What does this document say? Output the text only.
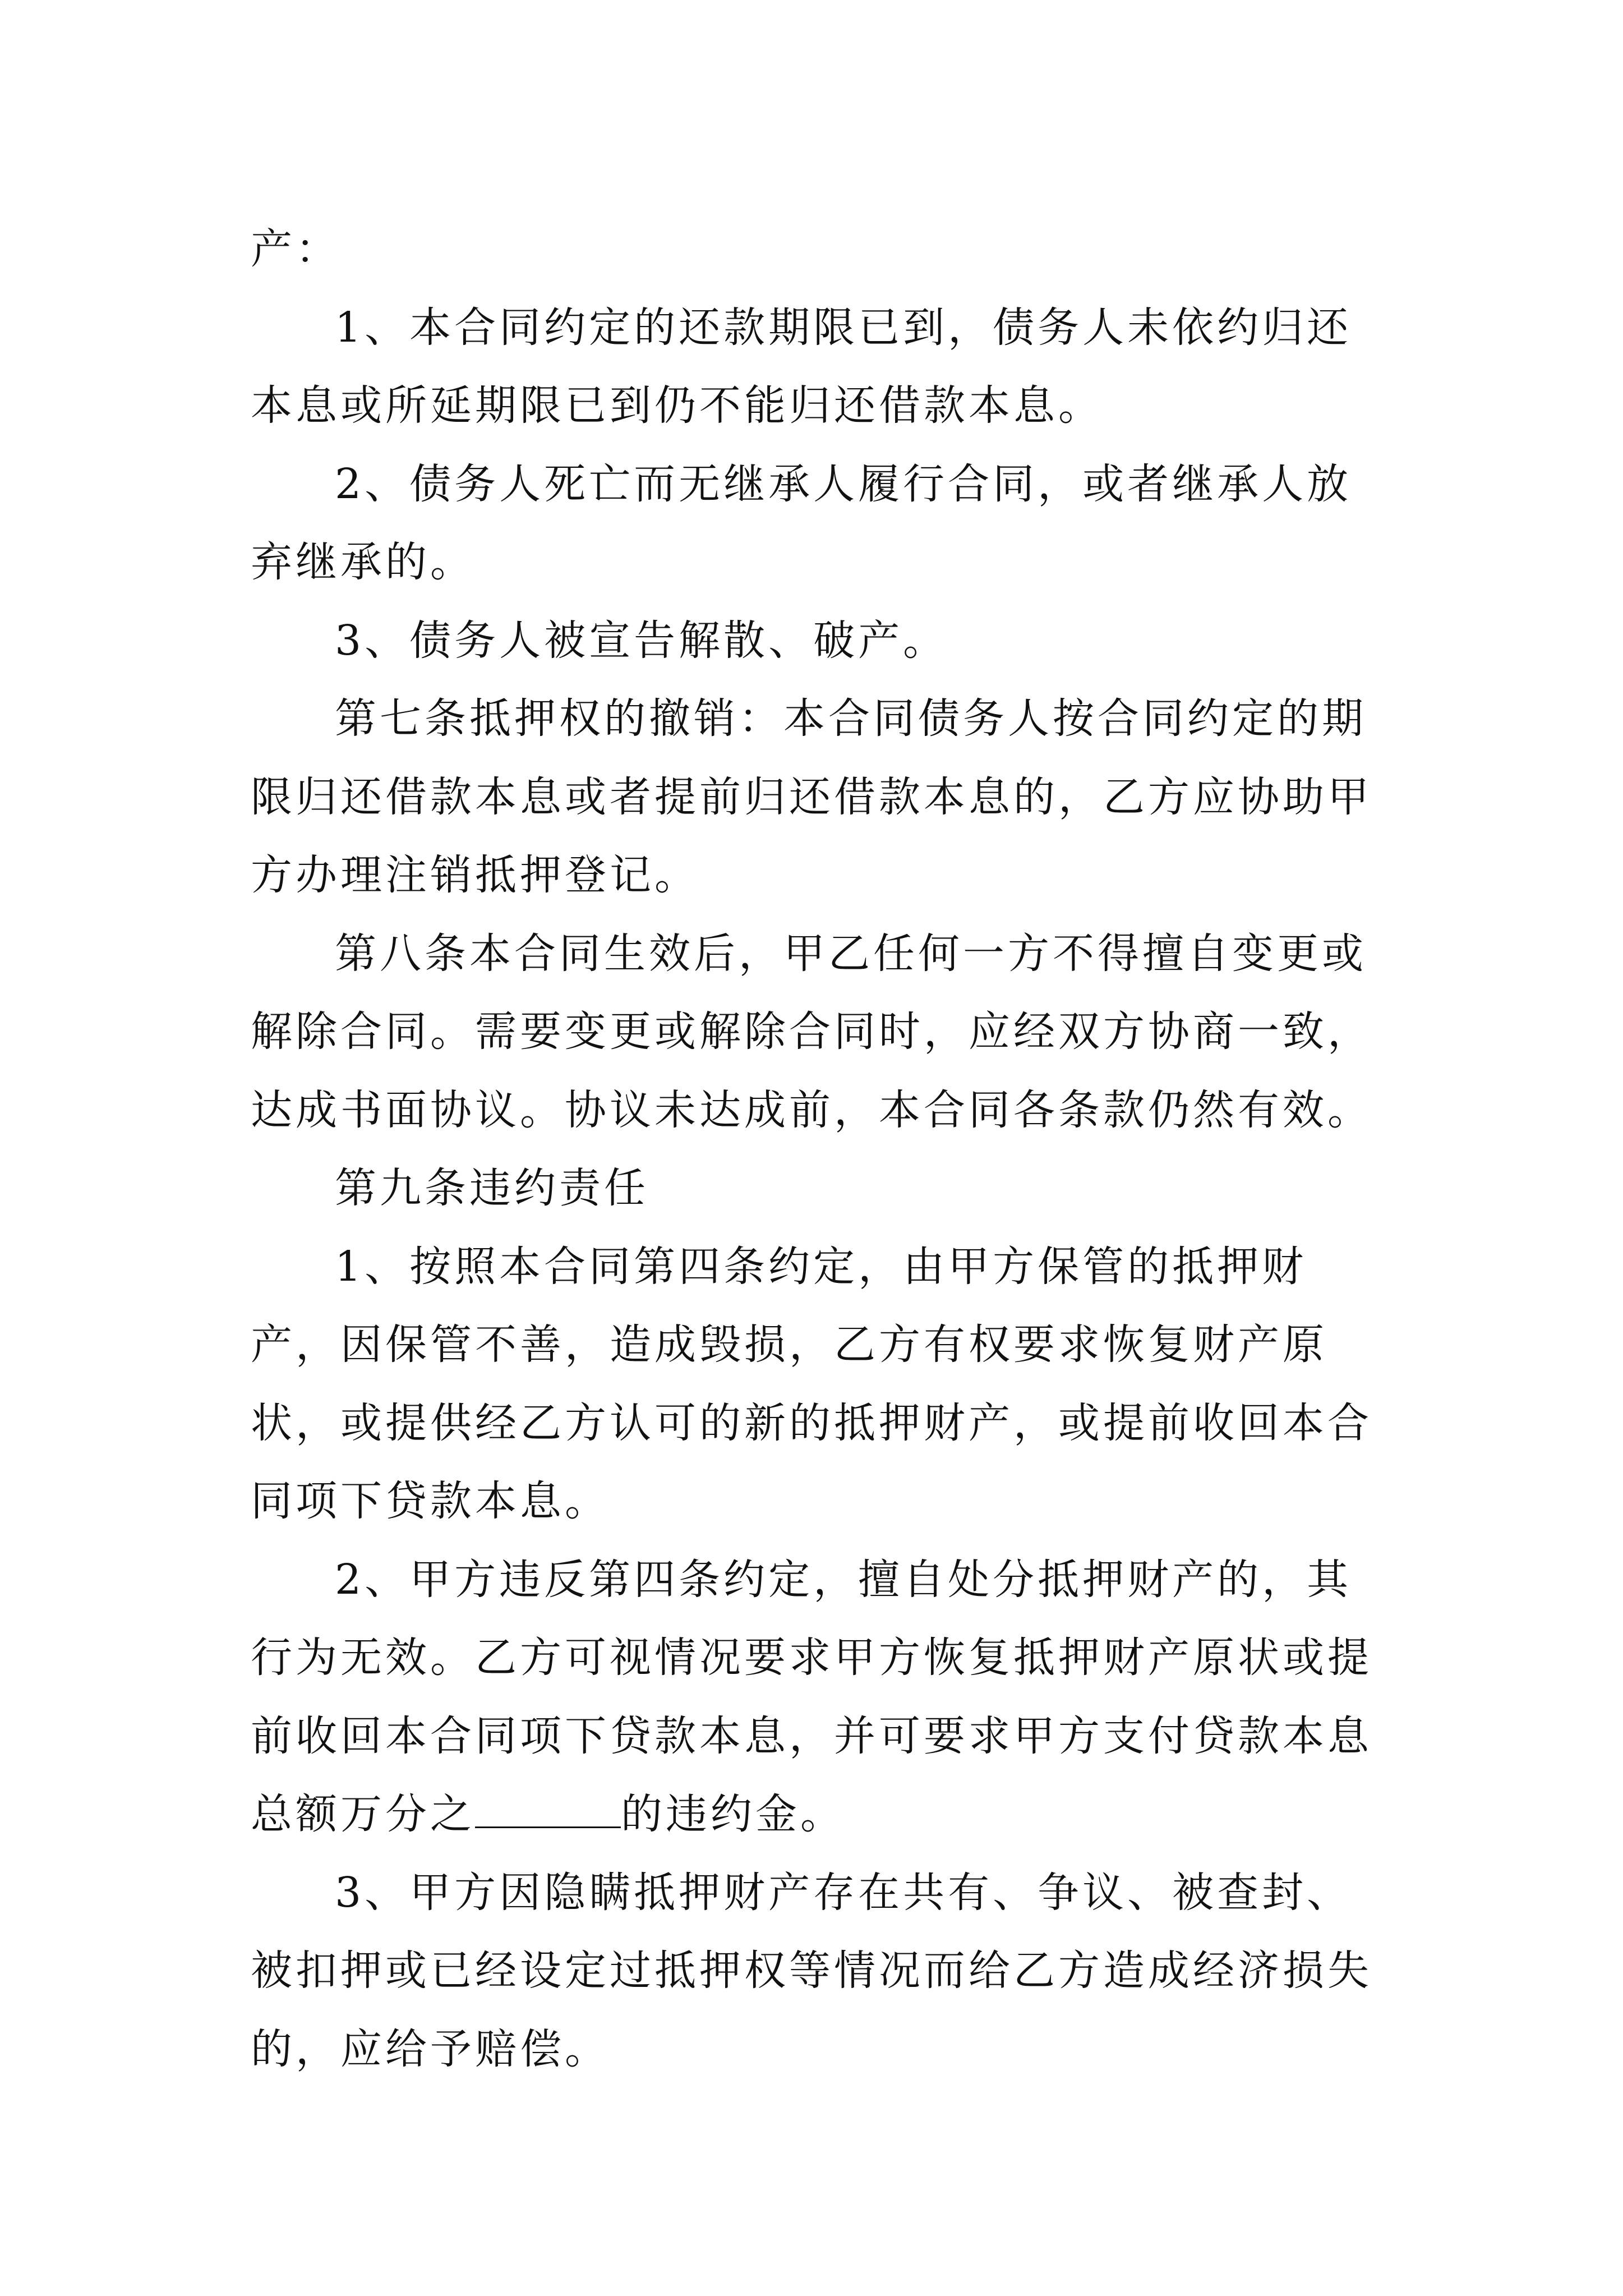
产：

1、本合同约定的还款期限已到，债务人未依约归还本息或所延期限已到仍不能归还借款本息。

2、债务人死亡而无继承人履行合同，或者继承人放弃继承的。

3、债务人被宣告解散、破产。

第七条抵押权的撤销：本合同债务人按合同约定的期限归还借款本息或者提前归还借款本息的，乙方应协助甲方办理注销抵押登记。

第八条本合同生效后，甲乙任何一方不得擅自变更或解除合同。需要变更或解除合同时，应经双方协商一致，达成书面协议。协议未达成前，本合同各条款仍然有效。

第九条违约责任

1、按照本合同第四条约定，由甲方保管的抵押财产，因保管不善，造成毁损，乙方有权要求恢复财产原状，或提供经乙方认可的新的抵押财产，或提前收回本合同项下贷款本息。

2、甲方违反第四条约定，擅自处分抵押财产的，其行为无效。乙方可视情况要求甲方恢复抵押财产原状或提前收回本合同项下贷款本息，并可要求甲方支付贷款本息总额万分之	的违约金。

3、甲方因隐瞒抵押财产存在共有、争议、被查封、被扣押或已经设定过抵押权等情况而给乙方造成经济损失的，应给予赔偿。
